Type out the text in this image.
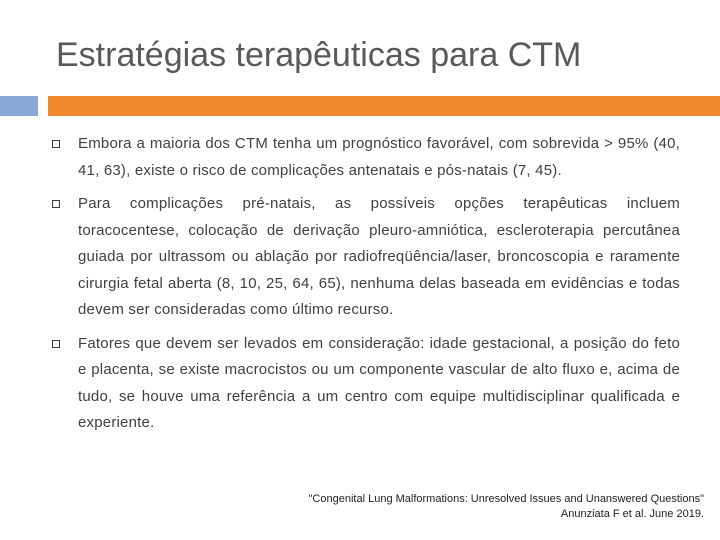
Estratégias terapêuticas para CTM
Embora a maioria dos CTM tenha um prognóstico favorável, com sobrevida > 95% (40, 41, 63), existe o risco de complicações antenatais e pós-natais (7, 45).
Para complicações pré-natais, as possíveis opções terapêuticas incluem toracocentese, colocação de derivação pleuro-amniótica, escleroterapia percutânea guiada por ultrassom ou ablação por radiofreqüência/laser, broncoscopia e raramente cirurgia fetal aberta (8, 10, 25, 64, 65), nenhuma delas baseada em evidências e todas devem ser consideradas como último recurso.
Fatores que devem ser levados em consideração: idade gestacional, a posição do feto e placenta, se existe macrocistos ou um componente vascular de alto fluxo e, acima de tudo, se houve uma referência a um centro com equipe multidisciplinar qualificada e experiente.
"Congenital Lung Malformations: Unresolved Issues and Unanswered Questions"
Anunziata F et al. June 2019.
